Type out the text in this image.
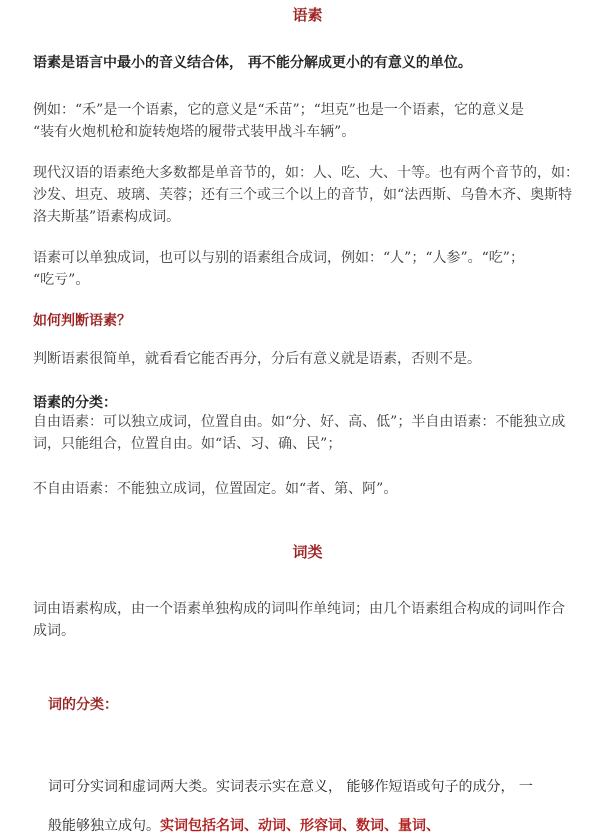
语素
语素是语言中最小的音义结合体， 再不能分解成更小的有意义的单位。
例如：“禾”是一个语素，它的意义是“禾苗”；“坦克”也是一个语素，它的意义是
“装有火炮机枪和旋转炮塔的履带式装甲战斗车辆”。
现代汉语的语素绝大多数都是单音节的，如：人、吃、大、十等。也有两个音节的，如：
沙发、坦克、玻璃、芙蓉；还有三个或三个以上的音节，如“法西斯、乌鲁木齐、奥斯特
洛夫斯基”语素构成词。
语素可以单独成词，也可以与别的语素组合成词，例如：“人”；“人参”。“吃”；
“吃亏”。
如何判断语素？
判断语素很简单，就看看它能否再分，分后有意义就是语素，否则不是。
语素的分类：
自由语素：可以独立成词，位置自由。如“分、好、高、低”；半自由语素：不能独立成
词，只能组合，位置自由。如“话、习、确、民”；
不自由语素：不能独立成词，位置固定。如“者、第、阿”。
词类
词由语素构成，由一个语素单独构成的词叫作单纯词；由几个语素组合构成的词叫作合
成词。
词的分类：
词可分实词和虚词两大类。实词表示实在意义， 能够作短语或句子的成分， 一
般能够独立成句。实词包括名词、动词、形容词、数词、量词、
